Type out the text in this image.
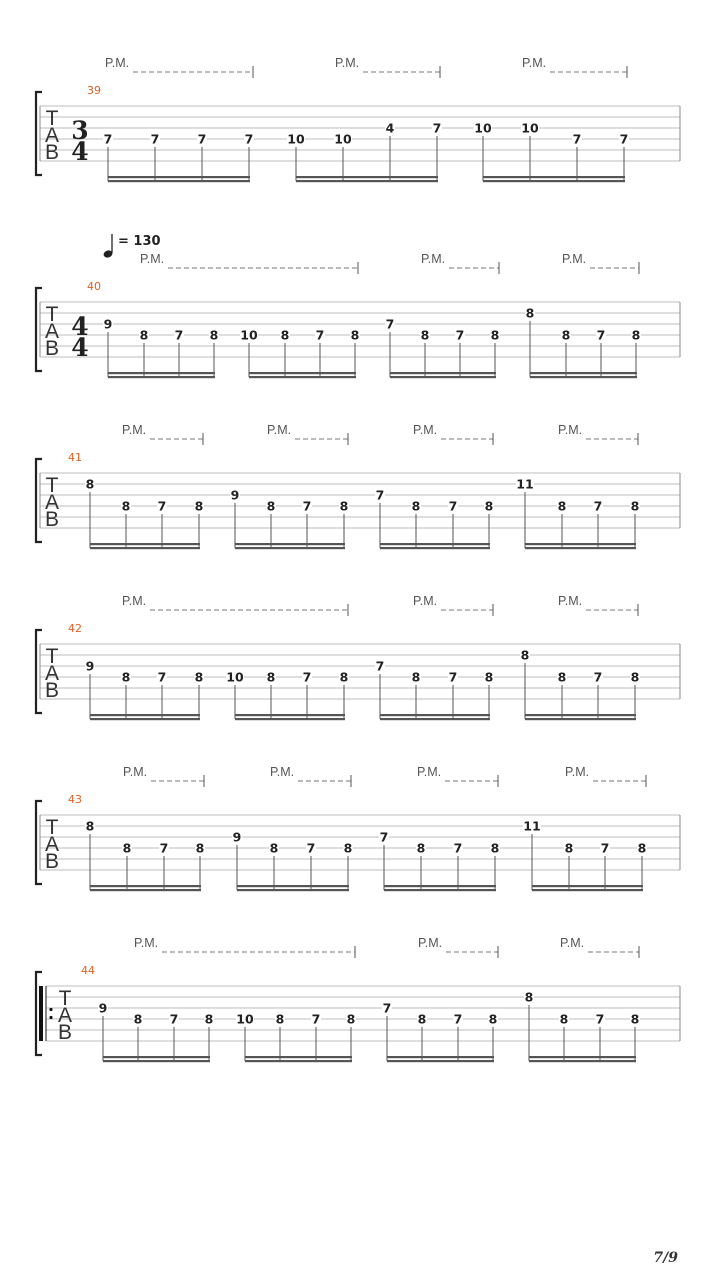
T
A
B
39
3
4
P.M.	P.M.	P.M.
7	7	7	7	10 10
4	7	10 10
7	7
T
A
B
40
4
4
= 130
P.M.	P.M.	P.M.
9
8 7 8 10 8 7 8
7
8 7 8
8
8 7 8
T
A
B
41
P.M.	P.M.	P.M.	P.M.
8
8 7 8
9
8 7 8
7
8 7 8
11
8 7 8
T
A
B
42
P.M.	P.M.	P.M.
9
8 7 8 10 8 7 8
7
8 7 8
8
8 7 8
T
A
B
43
P.M.	P.M.	P.M.	P.M.
8
8 7 8
9
8 7 8
7
8 7 8
11
8 7 8
T
A
B
44
P.M.	P.M.	P.M.
9
8 7 8 10 8 7 8
7
8 7 8
8
8 7 8
7/9
